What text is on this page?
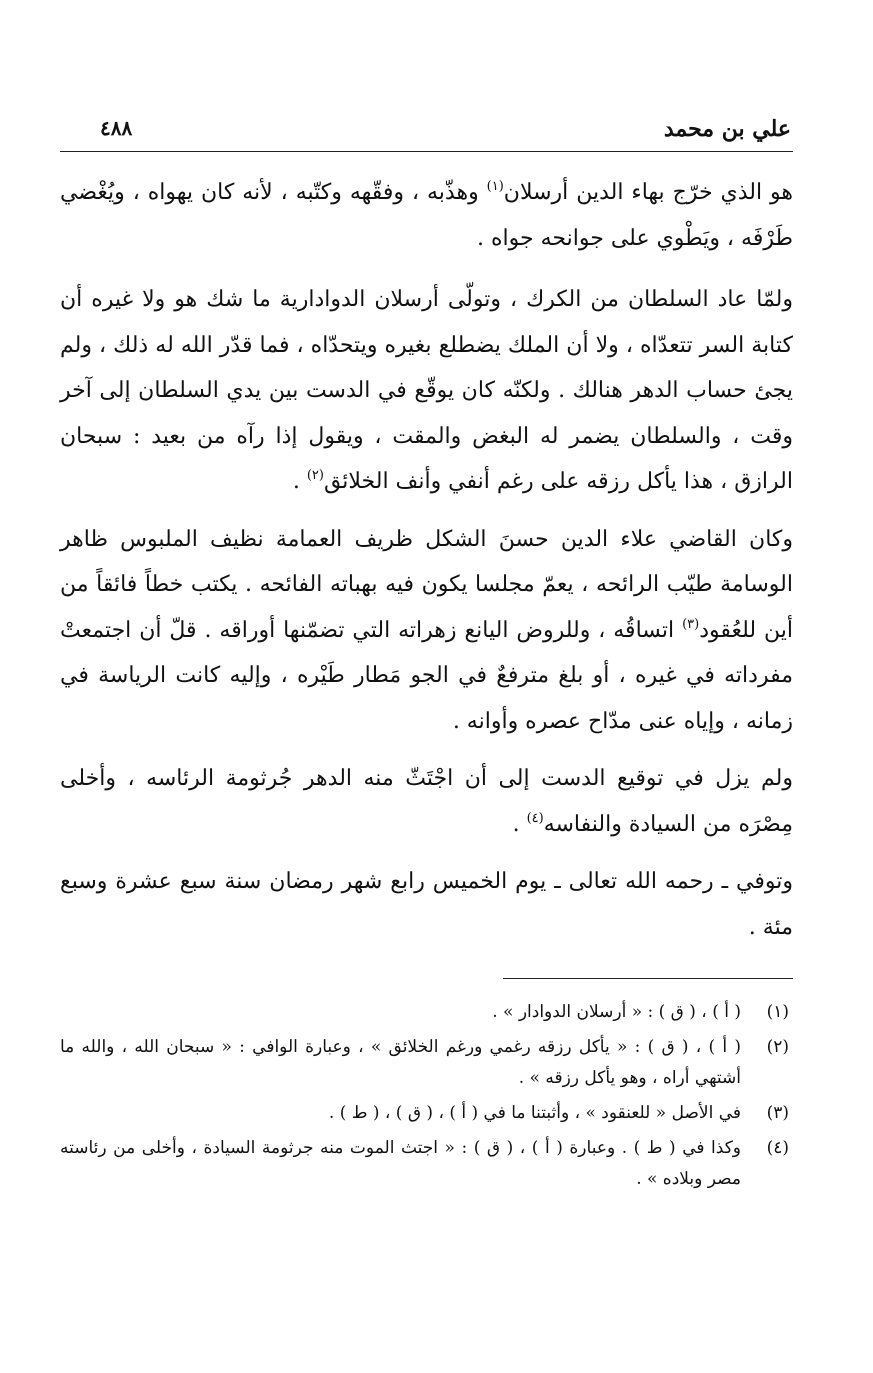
علي بن محمد
٤٨٨

هو الذي خرّج بهاء الدين أرسلان$^{(١)}$ وهذّبه ، وفقّهه وكتّبه ، لأنه كان يهواه ، ويُغْضي طَرْفَه ، ويَطْوي على جوانحه جواه .

ولمّا عاد السلطان من الكرك ، وتولّى أرسلان الدوادارية ما شك هو ولا غيره أن كتابة السر تتعدّاه ، ولا أن الملك يضطلع بغيره ويتحدّاه ، فما قدّر الله له ذلك ، ولم يجئ حساب الدهر هنالك . ولكنّه كان يوقّع في الدست بين يدي السلطان إلى آخر وقت ، والسلطان يضمر له البغض والمقت ، ويقول إذا رآه من بعيد : سبحان الرازق ، هذا يأكل رزقه على رغم أنفي وأنف الخلائق$^{(٢)}$ .

وكان القاضي علاء الدين حسنَ الشكل ظريف العمامة نظيف الملبوس ظاهر الوسامة طيّب الرائحه ، يعمّ مجلسا يكون فيه بهباته الفائحه . يكتب خطاً فائقاً من أين للعُقود$^{(٣)}$ اتساقُه ، وللروض اليانع زهراته التي تضمّنها أوراقه . قلّ أن اجتمعتْ مفرداته في غيره ، أو بلغ مترفعٌ في الجو مَطار طَيْره ، وإليه كانت الرياسة في زمانه ، وإياه عنى مدّاح عصره وأوانه .

ولم يزل في توقيع الدست إلى أن اجْتَثّ منه الدهر جُرثومة الرئاسه ، وأخلى مِصْرَه من السيادة والنفاسه$^{(٤)}$ .

وتوفي ـ رحمه الله تعالى ـ يوم الخميس رابع شهر رمضان سنة سبع عشرة وسبع مئة .

(١)
( أ ) ، ( ق ) : « أرسلان الدوادار » .
(٢)
( أ ) ، ( ق ) : « يأكل رزقه رغمي ورغم الخلائق » ، وعبارة الوافي : « سبحان الله ، والله ما أشتهي أراه ، وهو يأكل رزقه » .
(٣)
في الأصل « للعنقود » ، وأثبتنا ما في ( أ ) ، ( ق ) ، ( ط ) .
(٤)
وكذا في ( ط ) . وعبارة ( أ ) ، ( ق ) : « اجتث الموت منه جرثومة السيادة ، وأخلى من رئاسته مصر وبلاده » .
